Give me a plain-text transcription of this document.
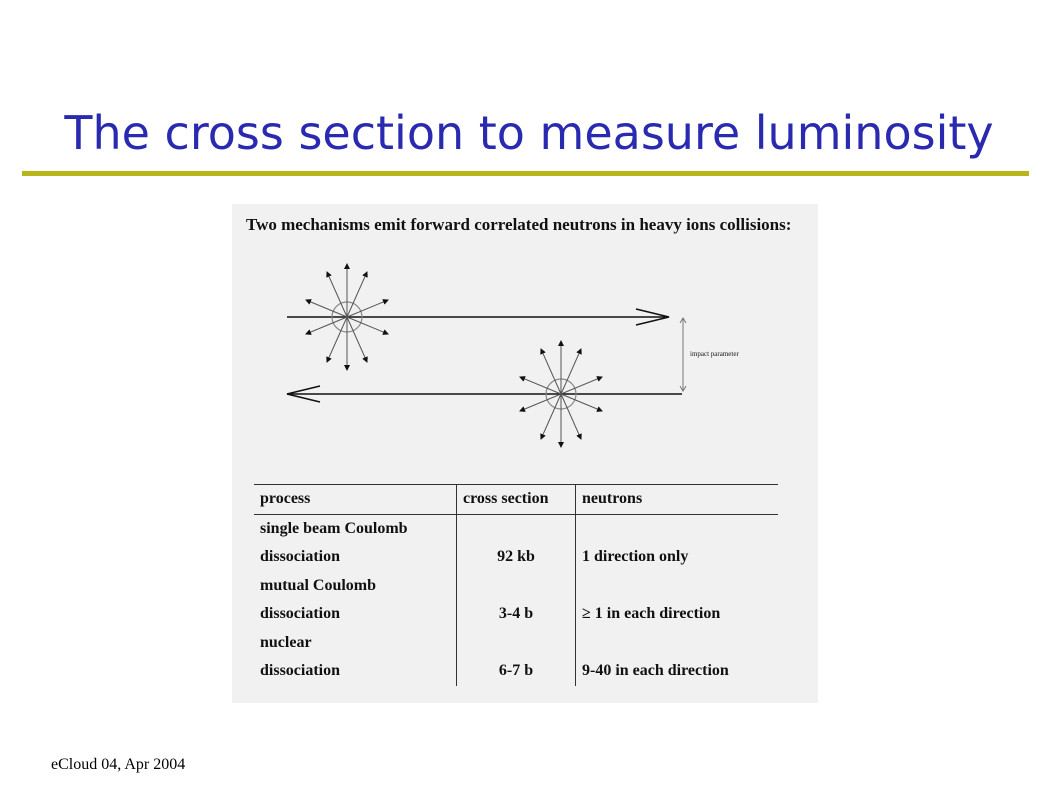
The cross section to measure luminosity
Two mechanisms emit forward correlated neutrons in heavy ions collisions:
impact parameter
process	cross section	neutrons
single beam Coulomb		
dissociation	92 kb	1 direction only
mutual Coulomb		
dissociation	3-4 b	≥ 1 in each direction
nuclear		
dissociation	6-7 b	9-40 in each direction
eCloud 04, Apr 2004
